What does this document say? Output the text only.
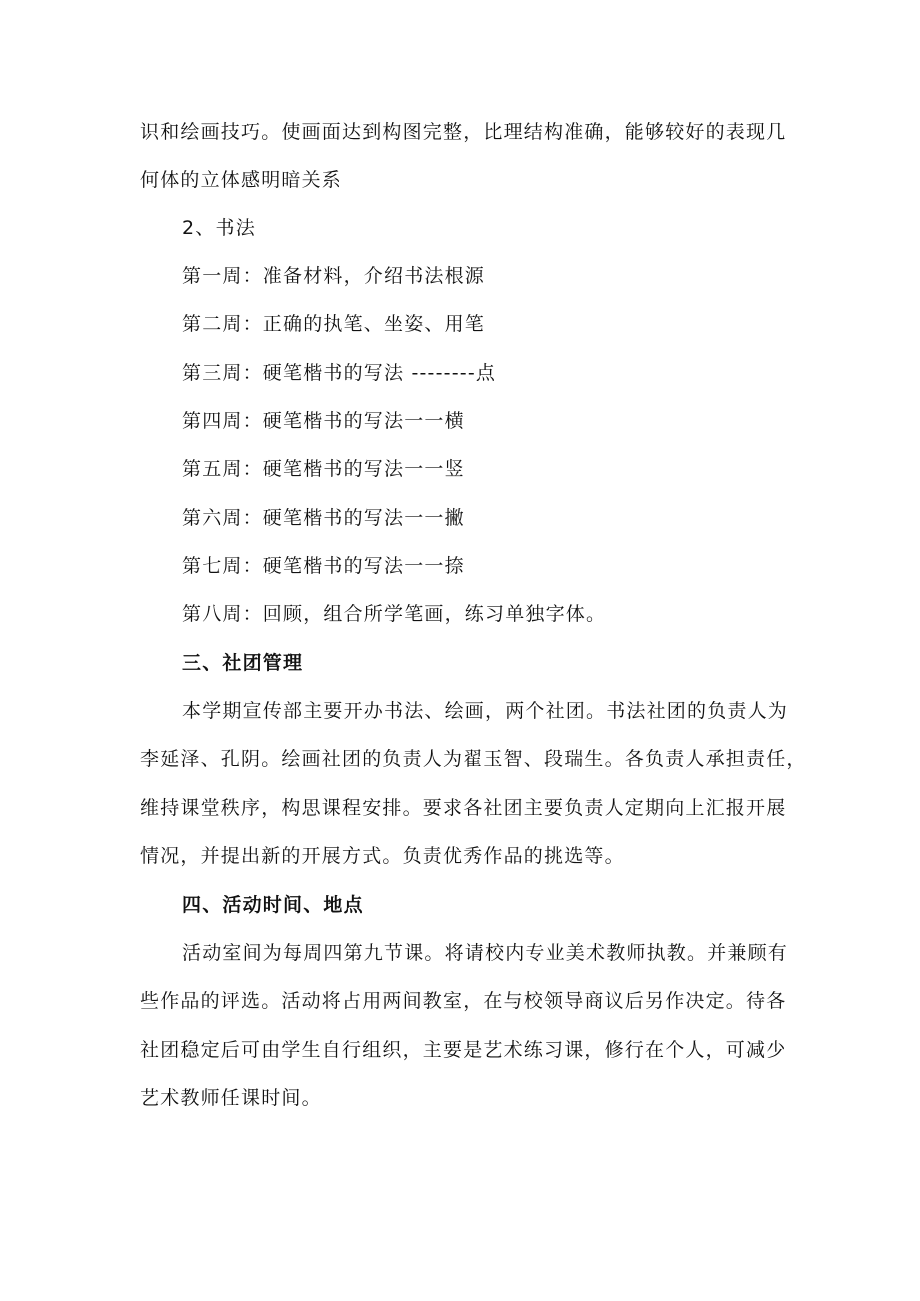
识和绘画技巧。使画面达到构图完整，比理结构准确，能够较好的表现几
何体的立体感明暗关系
2、书法
第一周：准备材料，介绍书法根源
第二周：正确的执笔、坐姿、用笔
第三周：硬笔楷书的写法 --------点
第四周：硬笔楷书的写法一一横
第五周：硬笔楷书的写法一一竖
第六周：硬笔楷书的写法一一撇
第七周：硬笔楷书的写法一一捺
第八周：回顾，组合所学笔画，练习单独字体。
三、社团管理
本学期宣传部主要开办书法、绘画，两个社团。书法社团的负责人为
李延泽、孔阴。绘画社团的负责人为翟玉智、段瑞生。各负责人承担责任，
维持课堂秩序，构思课程安排。要求各社团主要负责人定期向上汇报开展
情况，并提出新的开展方式。负责优秀作品的挑选等。
四、活动时间、地点
活动室间为每周四第九节课。将请校内专业美术教师执教。并兼顾有
些作品的评选。活动将占用两间教室，在与校领导商议后另作决定。待各
社团稳定后可由学生自行组织，主要是艺术练习课，修行在个人，可减少
艺术教师任课时间。
